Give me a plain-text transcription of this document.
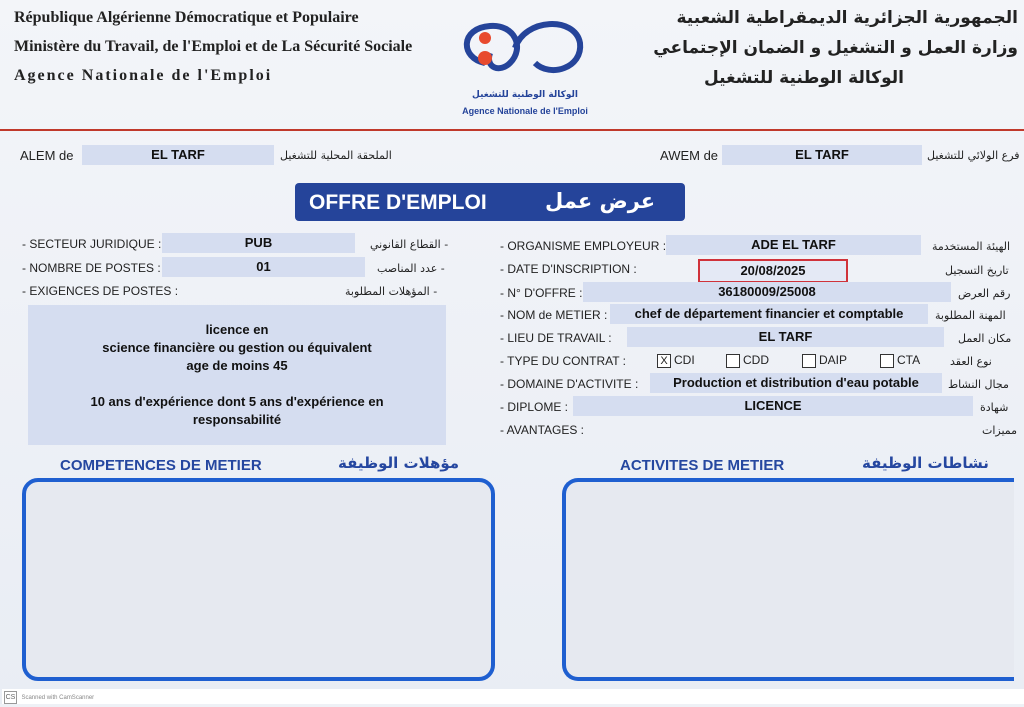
République Algérienne Démocratique et Populaire
Ministère du Travail, de l'Emploi et de La Sécurité Sociale
Agence Nationale de l'Emploi
الوكالة الوطنية للتشغيل
Agence Nationale de l'Emploi
الجمهورية الجزائرية الديمقراطية الشعبية
وزارة العمل و التشغيل و الضمان الإجتماعي
الوكالة الوطنية للتشغيل
ALEM de	EL TARF	الملحقة المحلية للتشغيل	AWEM de	EL TARF	فرع الولائي للتشغيل
OFFRE D'EMPLOI	عرض عمل
- SECTEUR JURIDIQUE :	PUB	- القطاع القانوني
- NOMBRE DE POSTES :	01	- عدد المناصب
- EXIGENCES DE POSTES :	- المؤهلات المطلوبة
licence en
science financière ou gestion ou équivalent
age de moins 45
10 ans d'expérience dont 5 ans d'expérience en
responsabilité
- ORGANISME EMPLOYEUR :	ADE EL TARF	الهيئة المستخدمة
- DATE D'INSCRIPTION :	20/08/2025	تاريخ التسجيل
- N° D'OFFRE :	36180009/25008	رقم العرض
- NOM de METIER :	chef de département financier et comptable	المهنة المطلوبة
- LIEU DE TRAVAIL :	EL TARF	مكان العمل
- TYPE DU CONTRAT :	X CDI	CDD	DAIP	CTA	نوع العقد
- DOMAINE D'ACTIVITE :	Production et distribution d'eau potable	مجال النشاط
- DIPLOME :	LICENCE	شهادة
- AVANTAGES :	مميزات
COMPETENCES DE METIER	مؤهلات الوظيفة	ACTIVITES DE METIER	نشاطات الوظيفة
CS Scanned with CamScanner
